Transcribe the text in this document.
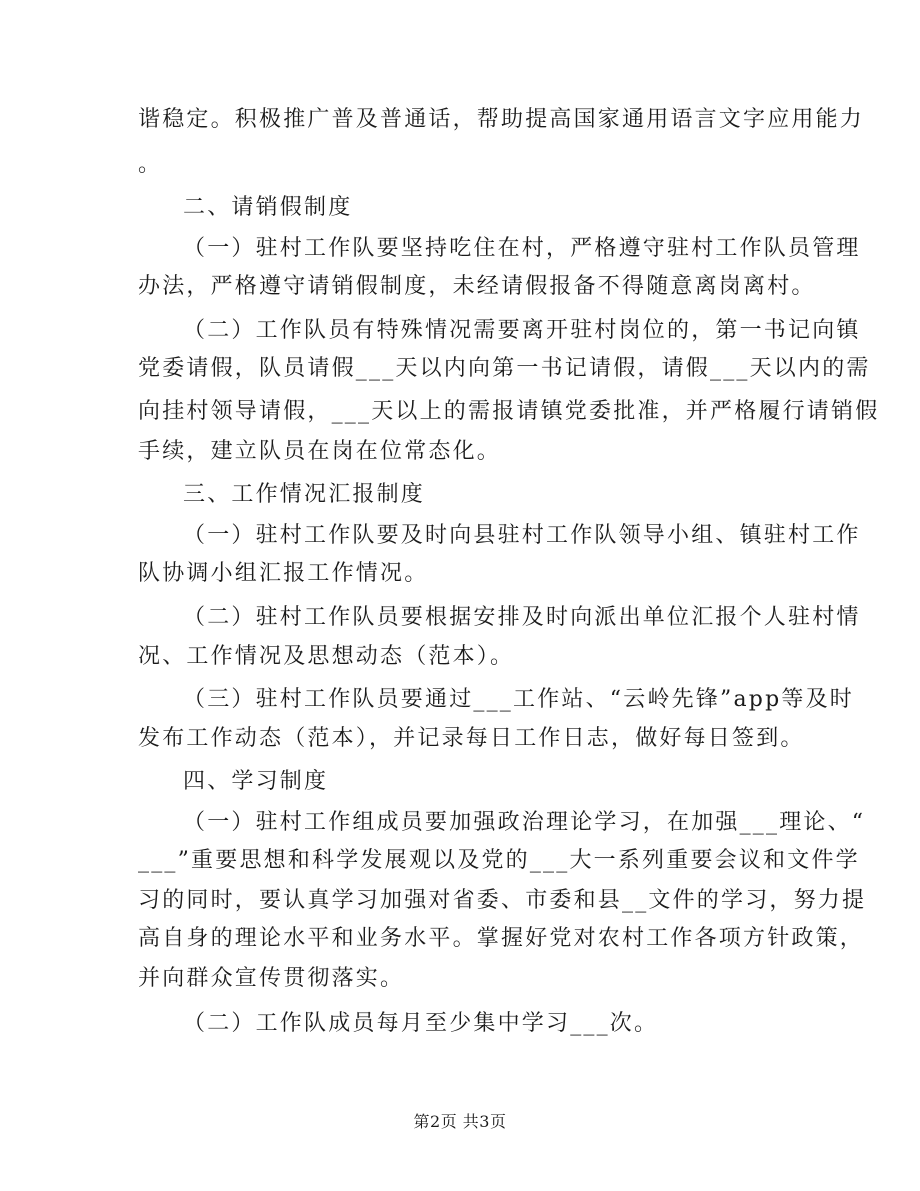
谐稳定。积极推广普及普通话，帮助提高国家通用语言文字应用能力
。
二、请销假制度
（一）驻村工作队要坚持吃住在村，严格遵守驻村工作队员管理
办法，严格遵守请销假制度，未经请假报备不得随意离岗离村。
（二）工作队员有特殊情况需要离开驻村岗位的，第一书记向镇
党委请假，队员请假___天以内向第一书记请假，请假___天以内的需
向挂村领导请假，___天以上的需报请镇党委批准，并严格履行请销假
手续，建立队员在岗在位常态化。
三、工作情况汇报制度
（一）驻村工作队要及时向县驻村工作队领导小组、镇驻村工作
队协调小组汇报工作情况。
（二）驻村工作队员要根据安排及时向派出单位汇报个人驻村情
况、工作情况及思想动态（范本）。
（三）驻村工作队员要通过___工作站、“云岭先锋”app等及时
发布工作动态（范本），并记录每日工作日志，做好每日签到。
四、学习制度
（一）驻村工作组成员要加强政治理论学习，在加强___理论、“
___”重要思想和科学发展观以及党的___大一系列重要会议和文件学
习的同时，要认真学习加强对省委、市委和县__文件的学习，努力提
高自身的理论水平和业务水平。掌握好党对农村工作各项方针政策，
并向群众宣传贯彻落实。
（二）工作队成员每月至少集中学习___次。
第2页 共3页
